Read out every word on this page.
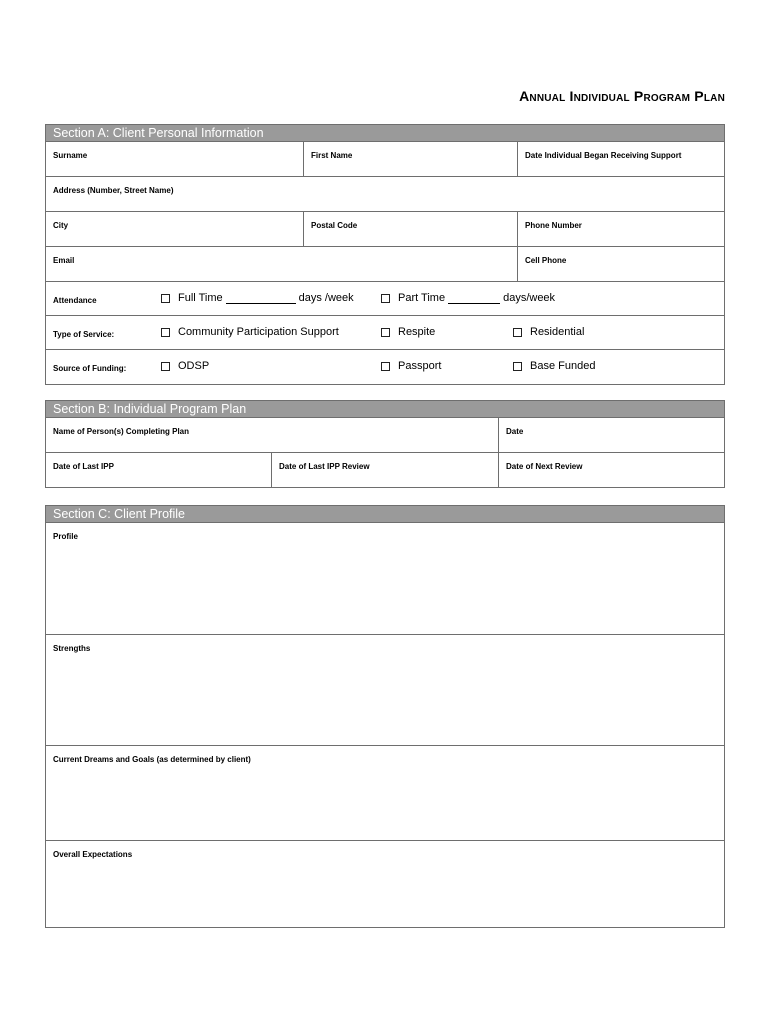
Annual Individual Program Plan
Section A: Client Personal Information
Surname	First Name	Date Individual Began Receiving Support
Address (Number, Street Name)
City	Postal Code	Phone Number
Email	Cell Phone
Attendance	Full Time	days /week	Part Time	days/week
Type of Service:	Community Participation Support	Respite	Residential
Source of Funding:	ODSP	Passport	Base Funded
Section B: Individual Program Plan
Name of Person(s) Completing Plan	Date
Date of Last IPP	Date of Last IPP Review	Date of Next Review
Section C: Client Profile
Profile
Strengths
Current Dreams and Goals (as determined by client)
Overall Expectations
